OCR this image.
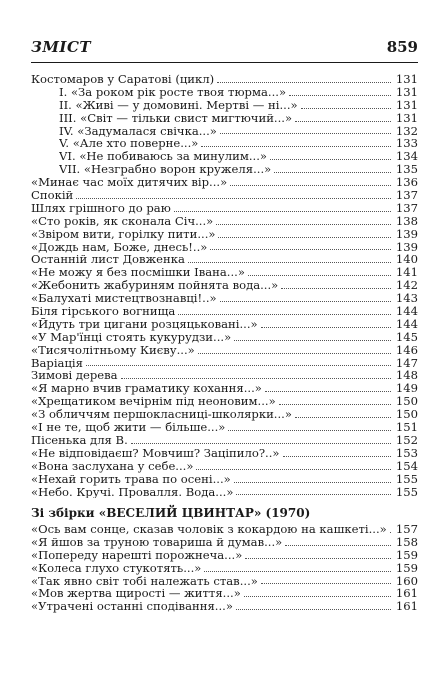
ЗМІСТ	859
Костомаров у Саратові (цикл)	131
I. «За роком рік росте твоя тюрма...»	131
II. «Живі — у домовині. Мертві — ні...»	131
III. «Світ — тільки свист мигтючий...»	131
IV. «Задумалася свічка...»	132
V. «Але хто поверне...»	133
VI. «Не побиваюсь за минулим...»	134
VII. «Незграбно ворон кружеля...»	135
«Минає час моїх дитячих вір...»	136
Спокій	137
Шлях грішного до раю	137
«Сто років, як сконала Січ...»	138
«Звіром вити, горілку пити...»	139
«Дождь нам, Боже, днесь!..»	139
Останній лист Довженка	140
«Не можу я без посмішки Івана...»	141
«Жебонить жабуриням пойнята вода...»	142
«Балухаті мистецтвознавці!..»	143
Біля гірського вогнища	144
«Йдуть три цигани розцяцьковані...»	144
«У Мар'їнці стоять кукурудзи...»	145
«Тисячолітньому Києву...»	146
Варіація	147
Зимові дерева	148
«Я марно вчив граматику кохання...»	149
«Хрещатиком вечірнім під неоновим...»	150
«З обличчям першокласниці-школярки...»	150
«І не те, щоб жити — більше...»	151
Пісенька для В.	152
«Не відповідаєш? Мовчиш? Заціпило?..»	153
«Вона заслухана у себе...»	154
«Нехай горить трава по осені...»	155
«Небо. Кручі. Провалля. Вода...»	155
Зі збірки «ВЕСЕЛИЙ ЦВИНТАР» (1970)
«Ось вам сонце, сказав чоловік з кокардою на кашкеті...» 157
«Я йшов за труною товариша й думав...»	158
«Попереду нарешті порожнеча...»	159
«Колеса глухо стукотять...»	159
«Так явно світ тобі належать став...»	160
«Мов жертва щирості — життя...»	161
«Утрачені останні сподівання...»	161
